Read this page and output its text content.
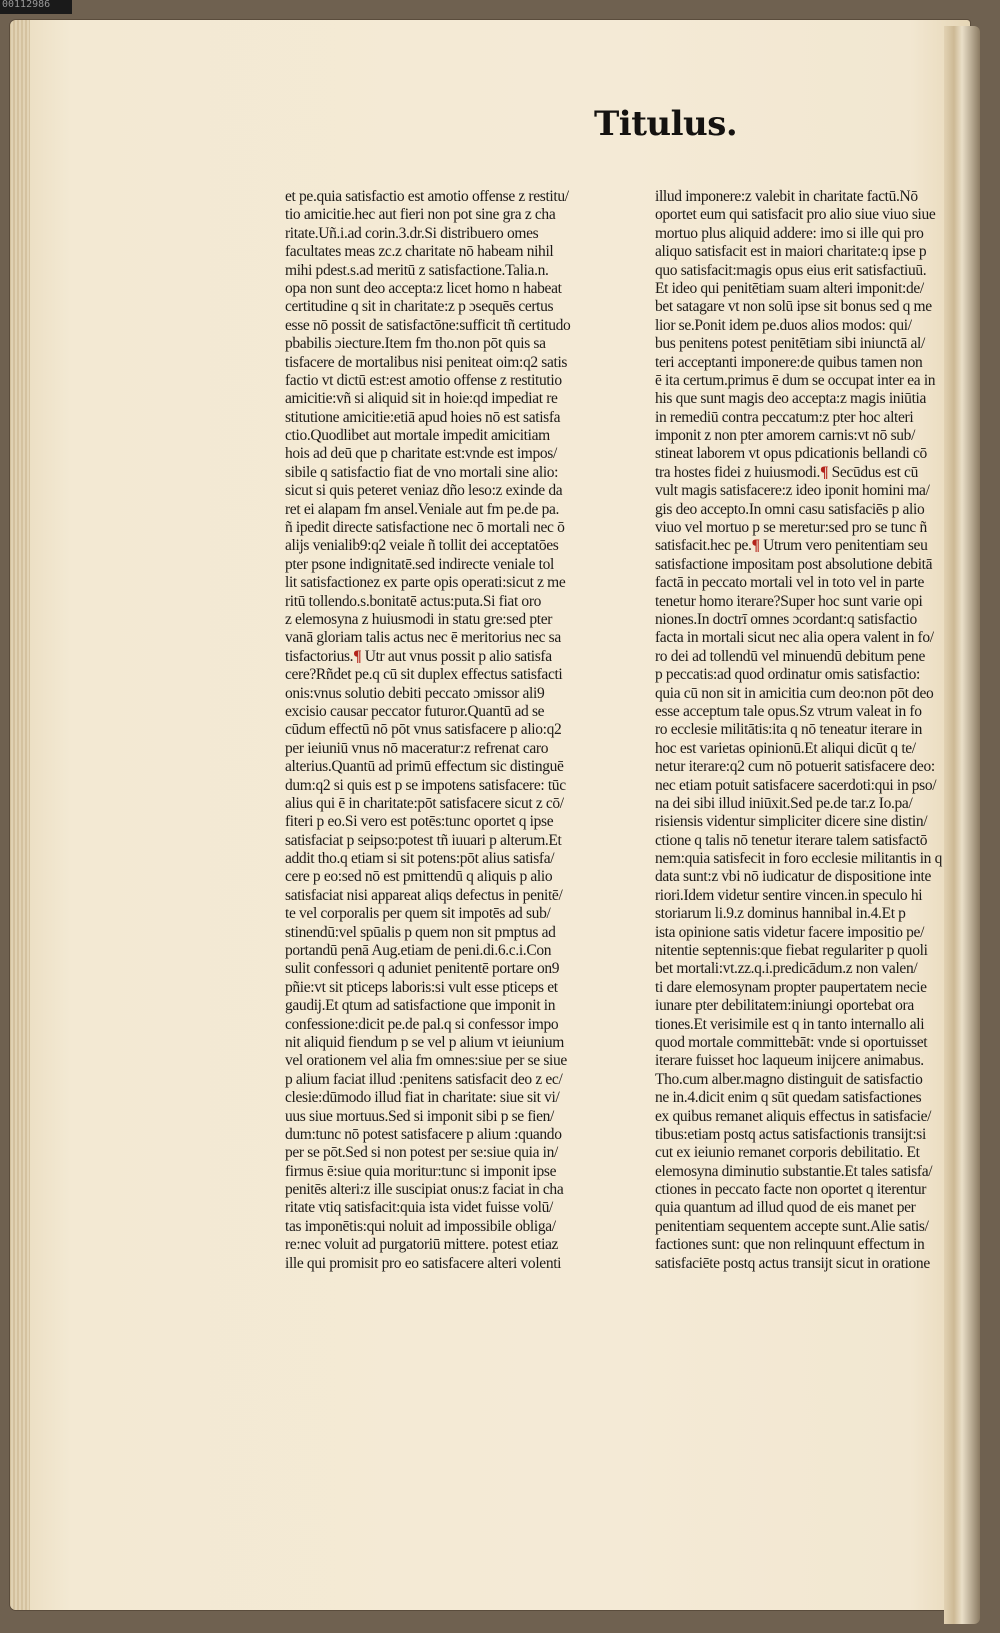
00112986
Titulus.
et pe.quia satisfactio est amotio offense z restitu/
tio amicitie.hec aut fieri non pot sine gra z cha
ritate.Uñ.i.ad corin.3.dr.Si distribuero omes
facultates meas zc.z charitate nō habeam nihil
mihi pdest.s.ad meritū z satisfactione.Talia.n.
opa non sunt deo accepta:z licet homo n habeat
certitudine q sit in charitate:z p ɔsequēs certus
esse nō possit de satisfactōne:sufficit tñ certitudo
pbabilis ɔiecture.Item fm tho.non pōt quis sa
tisfacere de mortalibus nisi peniteat oim:q2 satis
factio vt dictū est:est amotio offense z restitutio
amicitie:vñ si aliquid sit in hoie:qd impediat re
stitutione amicitie:etiā apud hoies nō est satisfa
ctio.Quodlibet aut mortale impedit amicitiam
hois ad deū que p charitate est:vnde est impos/
sibile q satisfactio fiat de vno mortali sine alio:
sicut si quis peteret veniaz dño leso:z exinde da
ret ei alapam fm ansel.Veniale aut fm pe.de pa.
ñ ipedit directe satisfactione nec ō mortali nec ō
alijs venialib9:q2 veiale ñ tollit dei acceptatōes
pter psone indignitatē.sed indirecte veniale tol
lit satisfactionez ex parte opis operati:sicut z me
ritū tollendo.s.bonitatē actus:puta.Si fiat oro
z elemosyna z huiusmodi in statu gre:sed pter
vanā gloriam talis actus nec ē meritorius nec sa
tisfactorius.¶ Utr aut vnus possit p alio satisfa
cere?Rñdet pe.q cū sit duplex effectus satisfacti
onis:vnus solutio debiti peccato ɔmissor ali9
excisio causar peccator futuror.Quantū ad se
cūdum effectū nō pōt vnus satisfacere p alio:q2
per ieiuniū vnus nō maceratur:z refrenat caro
alterius.Quantū ad primū effectum sic distinguē
dum:q2 si quis est p se impotens satisfacere: tūc
alius qui ē in charitate:pōt satisfacere sicut z cō/
fiteri p eo.Si vero est potēs:tunc oportet q ipse
satisfaciat p seipso:potest tñ iuuari p alterum.Et
addit tho.q etiam si sit potens:pōt alius satisfa/
cere p eo:sed nō est pmittendū q aliquis p alio
satisfaciat nisi appareat aliqs defectus in penitē/
te vel corporalis per quem sit impotēs ad sub/
stinendū:vel spūalis p quem non sit pmptus ad
portandū penā Aug.etiam de peni.di.6.c.i.Con
sulit confessori q aduniet penitentē portare on9
pñie:vt sit pticeps laboris:si vult esse pticeps et
gaudij.Et qtum ad satisfactione que imponit in
confessione:dicit pe.de pal.q si confessor impo
nit aliquid fiendum p se vel p alium vt ieiunium
vel orationem vel alia fm omnes:siue per se siue
p alium faciat illud :penitens satisfacit deo z ec/
clesie:dūmodo illud fiat in charitate: siue sit vi/
uus siue mortuus.Sed si imponit sibi p se fien/
dum:tunc nō potest satisfacere p alium :quando
per se pōt.Sed si non potest per se:siue quia in/
firmus ē:siue quia moritur:tunc si imponit ipse
penitēs alteri:z ille suscipiat onus:z faciat in cha
ritate vtiq satisfacit:quia ista videt fuisse volū/
tas imponētis:qui noluit ad impossibile obliga/
re:nec voluit ad purgatoriū mittere. potest etiaz
ille qui promisit pro eo satisfacere alteri volenti
illud imponere:z valebit in charitate factū.Nō
oportet eum qui satisfacit pro alio siue viuo siue
mortuo plus aliquid addere: imo si ille qui pro
aliquo satisfacit est in maiori charitate:q ipse p
quo satisfacit:magis opus eius erit satisfactiuū.
Et ideo qui penitētiam suam alteri imponit:de/
bet satagare vt non solū ipse sit bonus sed q me
lior se.Ponit idem pe.duos alios modos: qui/
bus penitens potest penitētiam sibi iniunctā al/
teri acceptanti imponere:de quibus tamen non
ē ita certum.primus ē dum se occupat inter ea in
his que sunt magis deo accepta:z magis iniūtia
in remediū contra peccatum:z pter hoc alteri
imponit z non pter amorem carnis:vt nō sub/
stineat laborem vt opus pdicationis bellandi cō
tra hostes fidei z huiusmodi.¶ Secūdus est cū
vult magis satisfacere:z ideo iponit homini ma/
gis deo accepto.In omni casu satisfaciēs p alio
viuo vel mortuo p se meretur:sed pro se tunc ñ
satisfacit.hec pe.¶ Utrum vero penitentiam seu
satisfactione impositam post absolutione debitā
factā in peccato mortali vel in toto vel in parte
tenetur homo iterare?Super hoc sunt varie opi
niones.In doctrī omnes ɔcordant:q satisfactio
facta in mortali sicut nec alia opera valent in fo/
ro dei ad tollendū vel minuendū debitum pene
p peccatis:ad quod ordinatur omis satisfactio:
quia cū non sit in amicitia cum deo:non pōt deo
esse acceptum tale opus.Sz vtrum valeat in fo
ro ecclesie militātis:ita q nō teneatur iterare in
hoc est varietas opinionū.Et aliqui dicūt q te/
netur iterare:q2 cum nō potuerit satisfacere deo:
nec etiam potuit satisfacere sacerdoti:qui in pso/
na dei sibi illud iniūxit.Sed pe.de tar.z Io.pa/
risiensis videntur simpliciter dicere sine distin/
ctione q talis nō tenetur iterare talem satisfactō
nem:quia satisfecit in foro ecclesie militantis in q
data sunt:z vbi nō iudicatur de dispositione inte
riori.Idem videtur sentire vincen.in speculo hi
storiarum li.9.z dominus hannibal in.4.Et p
ista opinione satis videtur facere impositio pe/
nitentie septennis:que fiebat regulariter p quoli
bet mortali:vt.zz.q.i.predicādum.z non valen/
ti dare elemosynam propter paupertatem necie
iunare pter debilitatem:iniungi oportebat ora
tiones.Et verisimile est q in tanto internallo ali
quod mortale committebāt: vnde si oportuisset
iterare fuisset hoc laqueum inijcere animabus.
Tho.cum alber.magno distinguit de satisfactio
ne in.4.dicit enim q sūt quedam satisfactiones
ex quibus remanet aliquis effectus in satisfacie/
tibus:etiam postq actus satisfactionis transijt:si
cut ex ieiunio remanet corporis debilitatio. Et
elemosyna diminutio substantie.Et tales satisfa/
ctiones in peccato facte non oportet q iterentur
quia quantum ad illud quod de eis manet per
penitentiam sequentem accepte sunt.Alie satis/
factiones sunt: que non relinquunt effectum in
satisfaciēte postq actus transijt sicut in oratione
